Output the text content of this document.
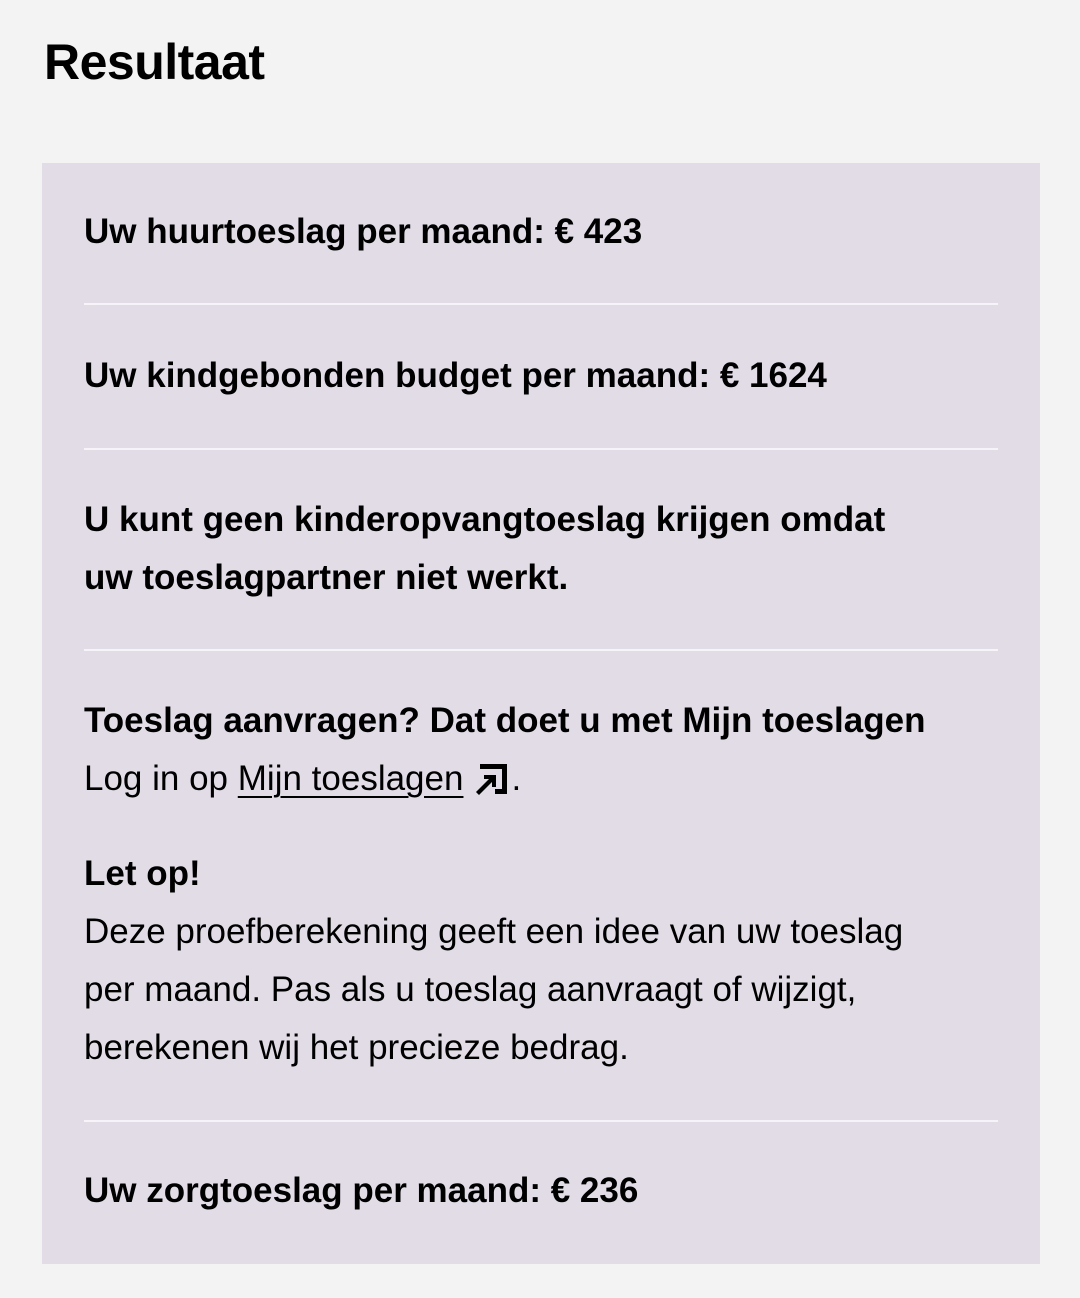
Resultaat

Uw huurtoeslag per maand: € 423

Uw kindgebonden budget per maand: € 1624

U kunt geen kinderopvangtoeslag krijgen omdat
uw toeslagpartner niet werkt.
Toeslag aanvragen? Dat doet u met Mijn toeslagen
Log in op Mijn toeslagen .
Let op!
Deze proefberekening geeft een idee van uw toeslag
per maand. Pas als u toeslag aanvraagt of wijzigt,
berekenen wij het precieze bedrag.

Uw zorgtoeslag per maand: € 236
